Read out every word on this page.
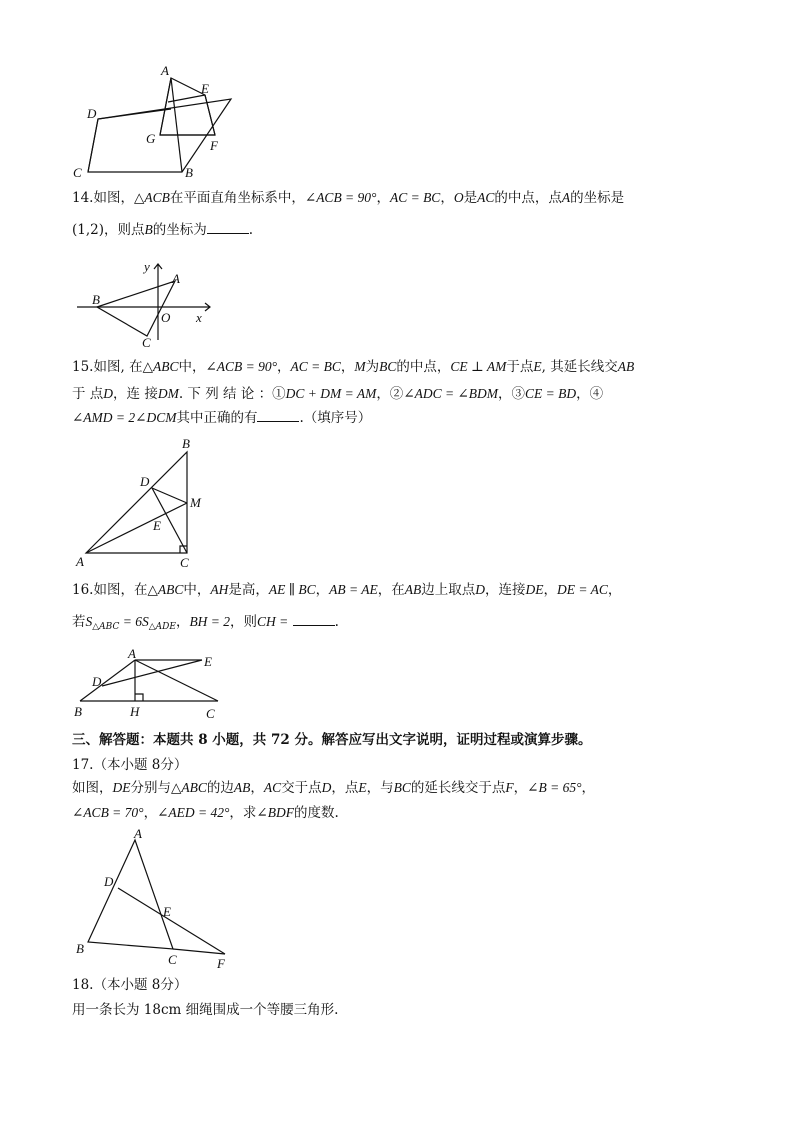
A
E
D
G	F
C	B

14.如图，△ACB在平面直角坐标系中，∠ACB = 90°，AC = BC，O是AC的中点，点A的坐标是

(1,2)，则点B的坐标为	.

y
A
B
O x
C

15.如图, 在△ABC中，∠ACB = 90°，AC = BC，M为BC的中点，CE ⊥ AM于点E, 其延长线交AB

于 点D，连 接DM. 下 列 结 论 ：①DC + DM = AM，②∠ADC = ∠BDM，③CE = BD，④

∠AMD = 2∠DCM其中正确的有	.（填序号）

B
D
M
E
A	C

16.如图，在△ABC中，AH是高，AE ∥ BC，AB = AE，在AB边上取点D，连接DE，DE = AC，

若$S_{\triangle ABC} = 6S_{\triangle ADE}$，BH = 2，则CH =	.

A
E
D
B	H	C

三、解答题：本题共 8 小题，共 72 分。解答应写出文字说明，证明过程或演算步骤。

17.（本小题 8分）

如图，DE分别与△ABC的边AB，AC交于点D，点E，与BC的延长线交于点F，∠B = 65°，

∠ACB = 70°，∠AED = 42°，求∠BDF的度数.

A
D
E
B
C	F

18.（本小题 8分）

用一条长为 18cm 细绳围成一个等腰三角形.
